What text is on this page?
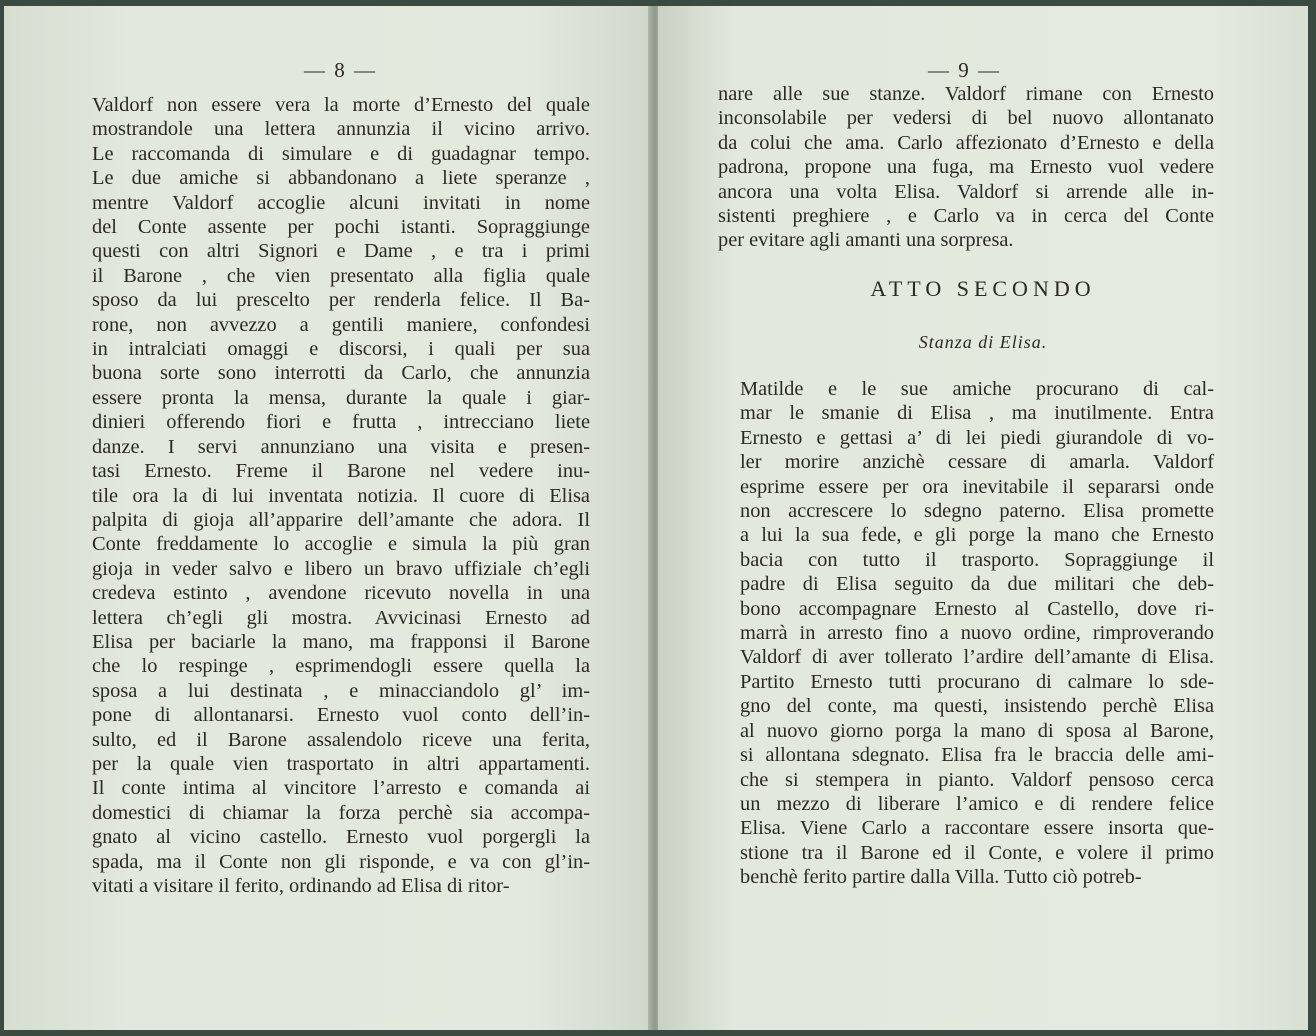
— 8 —
Valdorf non essere vera la morte d’Ernesto del quale
mostrandole una lettera annunzia il vicino arrivo.
Le raccomanda di simulare e di guadagnar tempo.
Le due amiche si abbandonano a liete speranze ,
mentre Valdorf accoglie alcuni invitati in nome
del Conte assente per pochi istanti. Sopraggiunge
questi con altri Signori e Dame , e tra i primi
il Barone , che vien presentato alla figlia quale
sposo da lui prescelto per renderla felice. Il Ba-
rone, non avvezzo a gentili maniere, confondesi
in intralciati omaggi e discorsi, i quali per sua
buona sorte sono interrotti da Carlo, che annunzia
essere pronta la mensa, durante la quale i giar-
dinieri offerendo fiori e frutta , intrecciano liete
danze. I servi annunziano una visita e presen-
tasi Ernesto. Freme il Barone nel vedere inu-
tile ora la di lui inventata notizia. Il cuore di Elisa
palpita di gioja all’apparire dell’amante che adora. Il
Conte freddamente lo accoglie e simula la più gran
gioja in veder salvo e libero un bravo uffiziale ch’egli
credeva estinto , avendone ricevuto novella in una
lettera ch’egli gli mostra. Avvicinasi Ernesto ad
Elisa per baciarle la mano, ma frapponsi il Barone
che lo respinge , esprimendogli essere quella la
sposa a lui destinata , e minacciandolo gl’ im-
pone di allontanarsi. Ernesto vuol conto dell’in-
sulto, ed il Barone assalendolo riceve una ferita,
per la quale vien trasportato in altri appartamenti.
Il conte intima al vincitore l’arresto e comanda ai
domestici di chiamar la forza perchè sia accompa-
gnato al vicino castello. Ernesto vuol porgergli la
spada, ma il Conte non gli risponde, e va con gl’in-
vitati a visitare il ferito, ordinando ad Elisa di ritor-
— 9 —
nare alle sue stanze. Valdorf rimane con Ernesto
inconsolabile per vedersi di bel nuovo allontanato
da colui che ama. Carlo affezionato d’Ernesto e della
padrona, propone una fuga, ma Ernesto vuol vedere
ancora una volta Elisa. Valdorf si arrende alle in-
sistenti preghiere , e Carlo va in cerca del Conte
per evitare agli amanti una sorpresa.
ATTO SECONDO
Stanza di Elisa.
Matilde e le sue amiche procurano di cal-
mar le smanie di Elisa , ma inutilmente. Entra
Ernesto e gettasi a’ di lei piedi giurandole di vo-
ler morire anzichè cessare di amarla. Valdorf
esprime essere per ora inevitabile il separarsi onde
non accrescere lo sdegno paterno. Elisa promette
a lui la sua fede, e gli porge la mano che Ernesto
bacia con tutto il trasporto. Sopraggiunge il
padre di Elisa seguito da due militari che deb-
bono accompagnare Ernesto al Castello, dove ri-
marrà in arresto fino a nuovo ordine, rimproverando
Valdorf di aver tollerato l’ardire dell’amante di Elisa.
Partito Ernesto tutti procurano di calmare lo sde-
gno del conte, ma questi, insistendo perchè Elisa
al nuovo giorno porga la mano di sposa al Barone,
si allontana sdegnato. Elisa fra le braccia delle ami-
che si stempera in pianto. Valdorf pensoso cerca
un mezzo di liberare l’amico e di rendere felice
Elisa. Viene Carlo a raccontare essere insorta que-
stione tra il Barone ed il Conte, e volere il primo
benchè ferito partire dalla Villa. Tutto ciò potreb-
